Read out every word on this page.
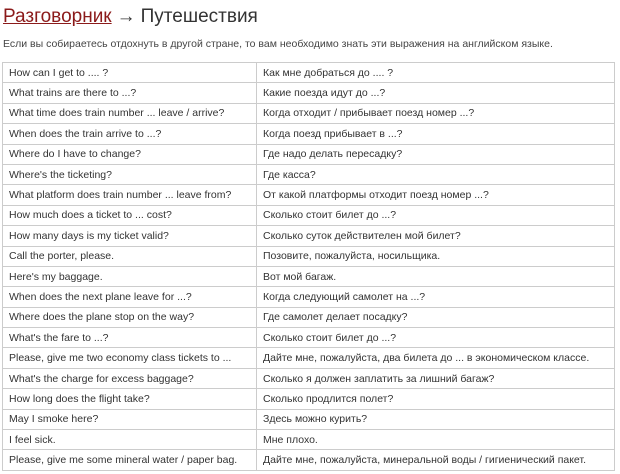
Разговорник → Путешествия
Если вы собираетесь отдохнуть в другой стране, то вам необходимо знать эти выражения на английском языке.
How can I get to .... ?	Как мне добраться до .... ?
What trains are there to ...?	Какие поезда идут до ...?
What time does train number ... leave / arrive?	Когда отходит / прибывает поезд номер ...?
When does the train arrive to ...?	Когда поезд прибывает в ...?
Where do I have to change?	Где надо делать пересадку?
Where's the ticketing?	Где касса?
What platform does train number ... leave from?	От какой платформы отходит поезд номер ...?
How much does a ticket to ... cost?	Сколько стоит билет до ...?
How many days is my ticket valid?	Сколько суток действителен мой билет?
Call the porter, please.	Позовите, пожалуйста, носильщика.
Here's my baggage.	Вот мой багаж.
When does the next plane leave for ...?	Когда следующий самолет на ...?
Where does the plane stop on the way?	Где самолет делает посадку?
What's the fare to ...?	Сколько стоит билет до ...?
Please, give me two economy class tickets to ...	Дайте мне, пожалуйста, два билета до ... в экономическом классе.
What's the charge for excess baggage?	Сколько я должен заплатить за лишний багаж?
How long does the flight take?	Сколько продлится полет?
May I smoke here?	Здесь можно курить?
I feel sick.	Мне плохо.
Please, give me some mineral water / paper bag.	Дайте мне, пожалуйста, минеральной воды / гигиенический пакет.
